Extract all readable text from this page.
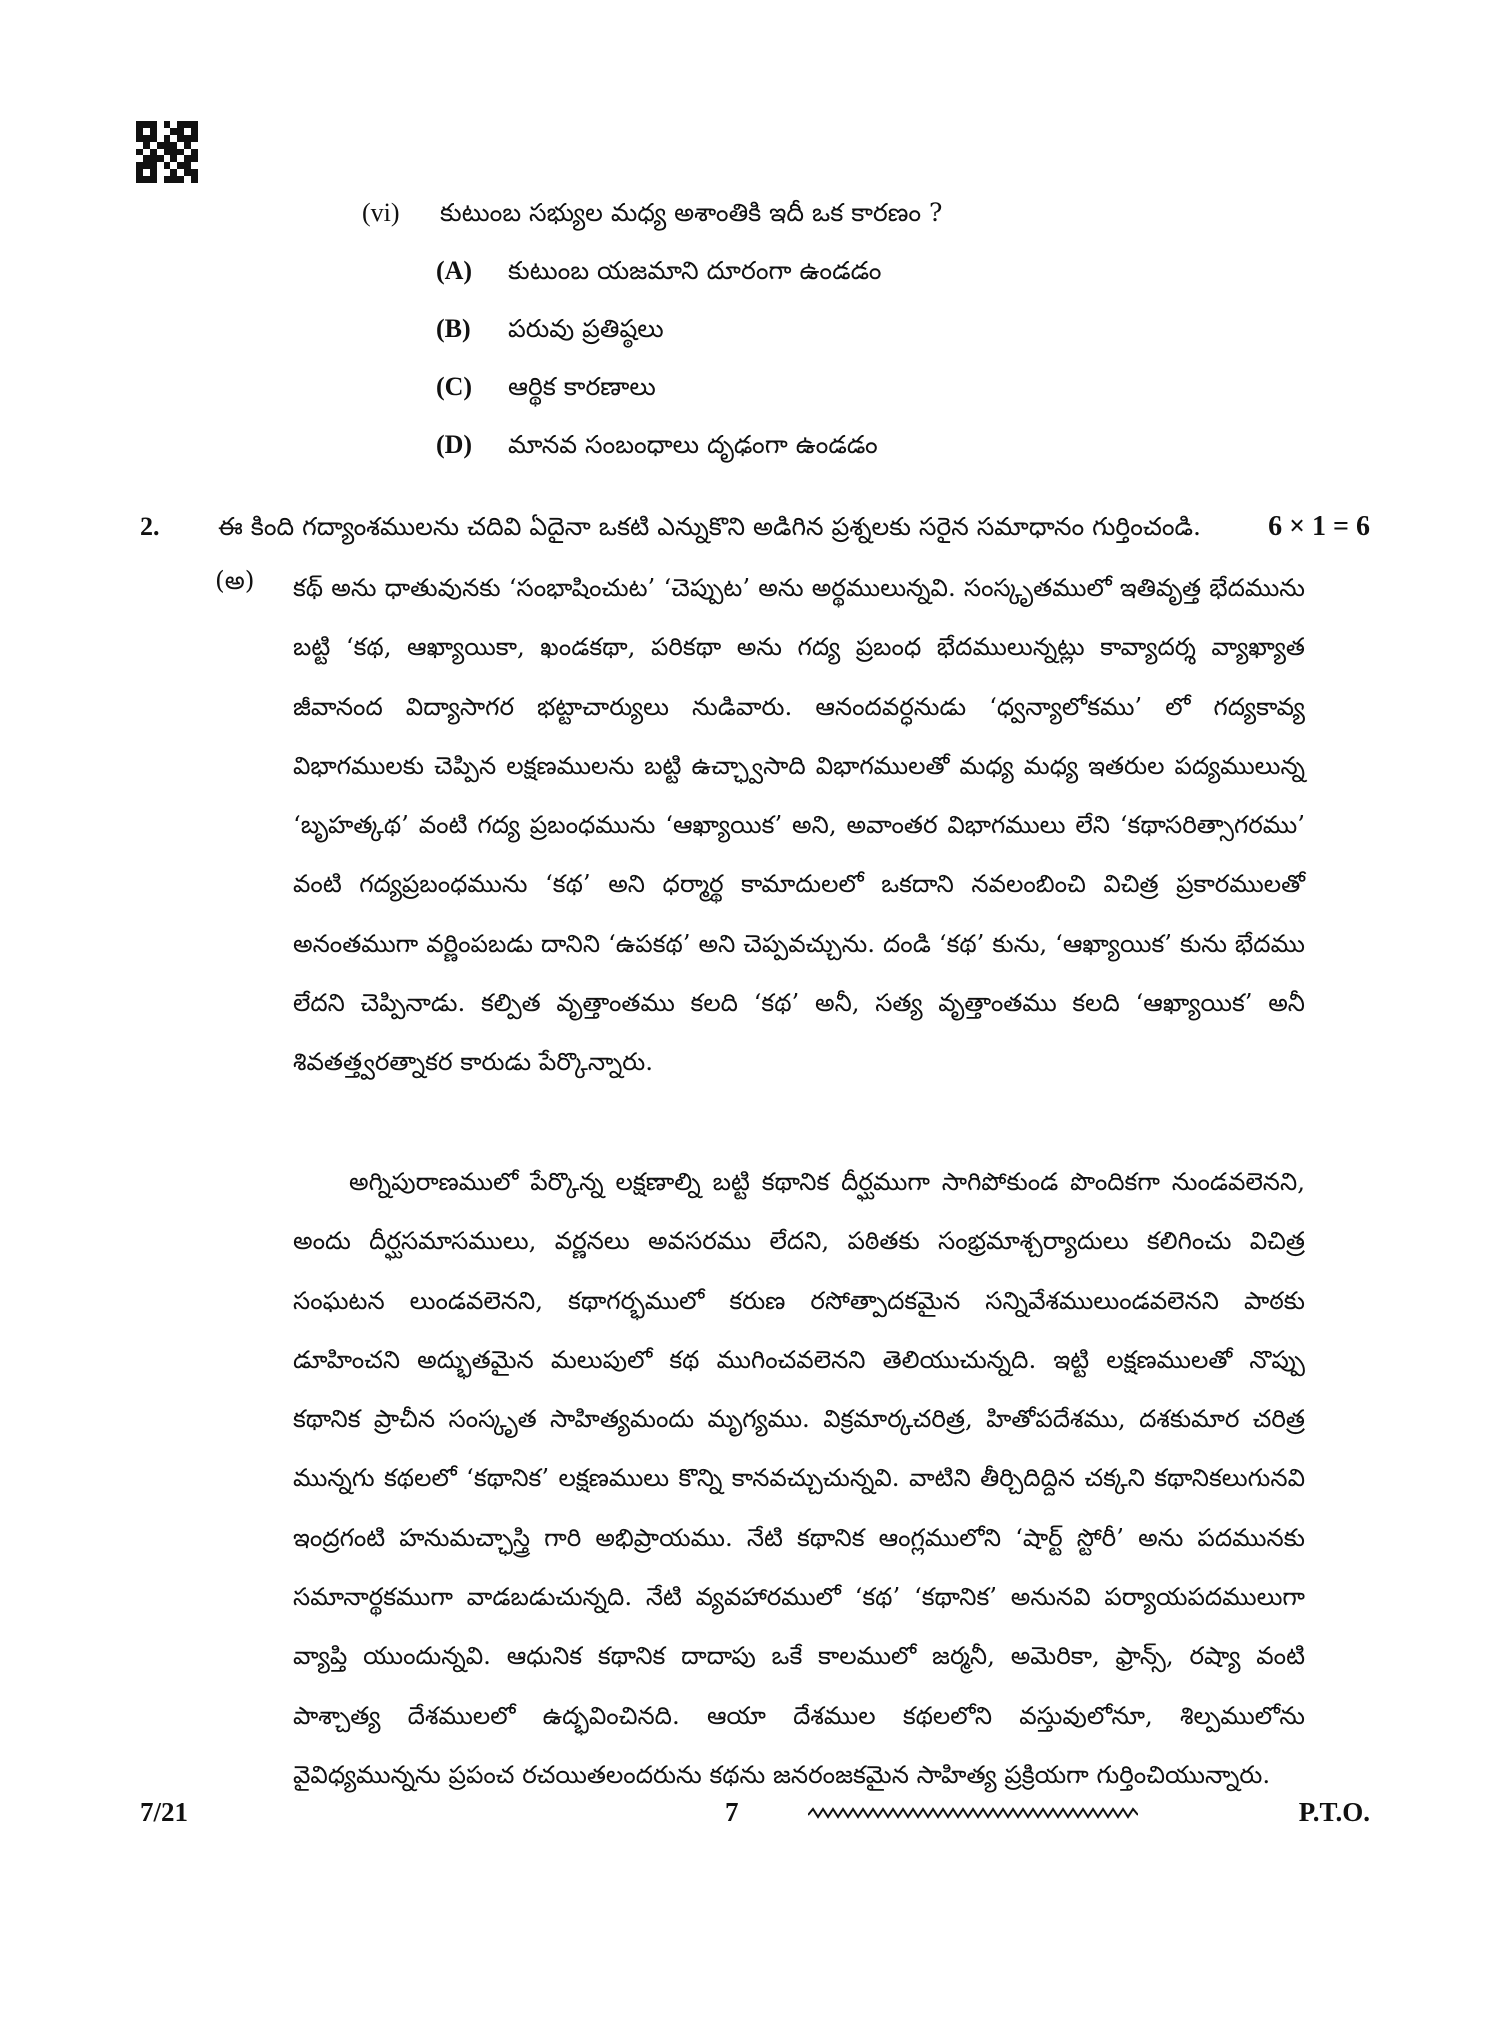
(vi) కుటుంబ సభ్యుల మధ్య అశాంతికి ఇదీ ఒక కారణం ?
(A) కుటుంబ యజమాని దూరంగా ఉండడం
(B) పరువు ప్రతిష్ఠలు
(C) ఆర్థిక కారణాలు
(D) మానవ సంబంధాలు దృఢంగా ఉండడం
2. ఈ కింది గద్యాంశములను చదివి ఏదైనా ఒకటి ఎన్నుకొని అడిగిన ప్రశ్నలకు సరైన సమాధానం గుర్తించండి. 6 × 1 = 6
(అ) కథ్ అను ధాతువునకు ‘సంభాషించుట’ ‘చెప్పుట’ అను అర్థములున్నవి. సంస్కృతములో ఇతివృత్త భేదమును బట్టి ‘కథ, ఆఖ్యాయికా, ఖండకథా, పరికథా అను గద్య ప్రబంధ భేదములున్నట్లు కావ్యాదర్శ వ్యాఖ్యాత జీవానంద విద్యాసాగర భట్టాచార్యులు నుడివారు. ఆనందవర్ధనుడు ‘ధ్వన్యాలోకము’ లో గద్యకావ్య విభాగములకు చెప్పిన లక్షణములను బట్టి ఉచ్ఛ్వాసాది విభాగములతో మధ్య మధ్య ఇతరుల పద్యములున్న ‘బృహత్కథ’ వంటి గద్య ప్రబంధమును ‘ఆఖ్యాయిక’ అని, అవాంతర విభాగములు లేని ‘కథాసరిత్సాగరము’ వంటి గద్యప్రబంధమును ‘కథ’ అని ధర్మార్థ కామాదులలో ఒకదాని నవలంబించి విచిత్ర ప్రకారములతో అనంతముగా వర్ణింపబడు దానిని ‘ఉపకథ’ అని చెప్పవచ్చును. దండి ‘కథ’ కును, ‘ఆఖ్యాయిక’ కును భేదము లేదని చెప్పినాడు. కల్పిత వృత్తాంతము కలది ‘కథ’ అనీ, సత్య వృత్తాంతము కలది ‘ఆఖ్యాయిక’ అనీ శివతత్త్వరత్నాకర కారుడు పేర్కొన్నారు.
అగ్నిపురాణములో పేర్కొన్న లక్షణాల్ని బట్టి కథానిక దీర్ఘముగా సాగిపోకుండ పొందికగా నుండవలెనని, అందు దీర్ఘసమాసములు, వర్ణనలు అవసరము లేదని, పఠితకు సంభ్రమాశ్చర్యాదులు కలిగించు విచిత్ర సంఘటన లుండవలెనని, కథాగర్భములో కరుణ రసోత్పాదకమైన సన్నివేశములుండవలెనని పాఠకు డూహించని అద్భుతమైన మలుపులో కథ ముగించవలెనని తెలియుచున్నది. ఇట్టి లక్షణములతో నొప్పు కథానిక ప్రాచీన సంస్కృత సాహిత్యమందు మృగ్యము. విక్రమార్కచరిత్ర, హితోపదేశము, దశకుమార చరిత్ర మున్నగు కథలలో ‘కథానిక’ లక్షణములు కొన్ని కానవచ్చుచున్నవి. వాటిని తీర్చిదిద్దిన చక్కని కథానికలుగునవి ఇంద్రగంటి హనుమచ్ఛాస్త్రి గారి అభిప్రాయము. నేటి కథానిక ఆంగ్లములోని ‘షార్ట్ స్టోరీ’ అను పదమునకు సమానార్థకముగా వాడబడుచున్నది. నేటి వ్యవహారములో ‘కథ’ ‘కథానిక’ అనునవి పర్యాయపదములుగా వ్యాప్తి యుందున్నవి. ఆధునిక కథానిక దాదాపు ఒకే కాలములో జర్మనీ, అమెరికా, ఫ్రాన్స్, రష్యా వంటి పాశ్చాత్య దేశములలో ఉద్భవించినది. ఆయా దేశముల కథలలోని వస్తువులోనూ, శిల్పములోను వైవిధ్యమున్నను ప్రపంచ రచయితలందరును కథను జనరంజకమైన సాహిత్య ప్రక్రియగా గుర్తించియున్నారు.
7/21	7	P.T.O.
